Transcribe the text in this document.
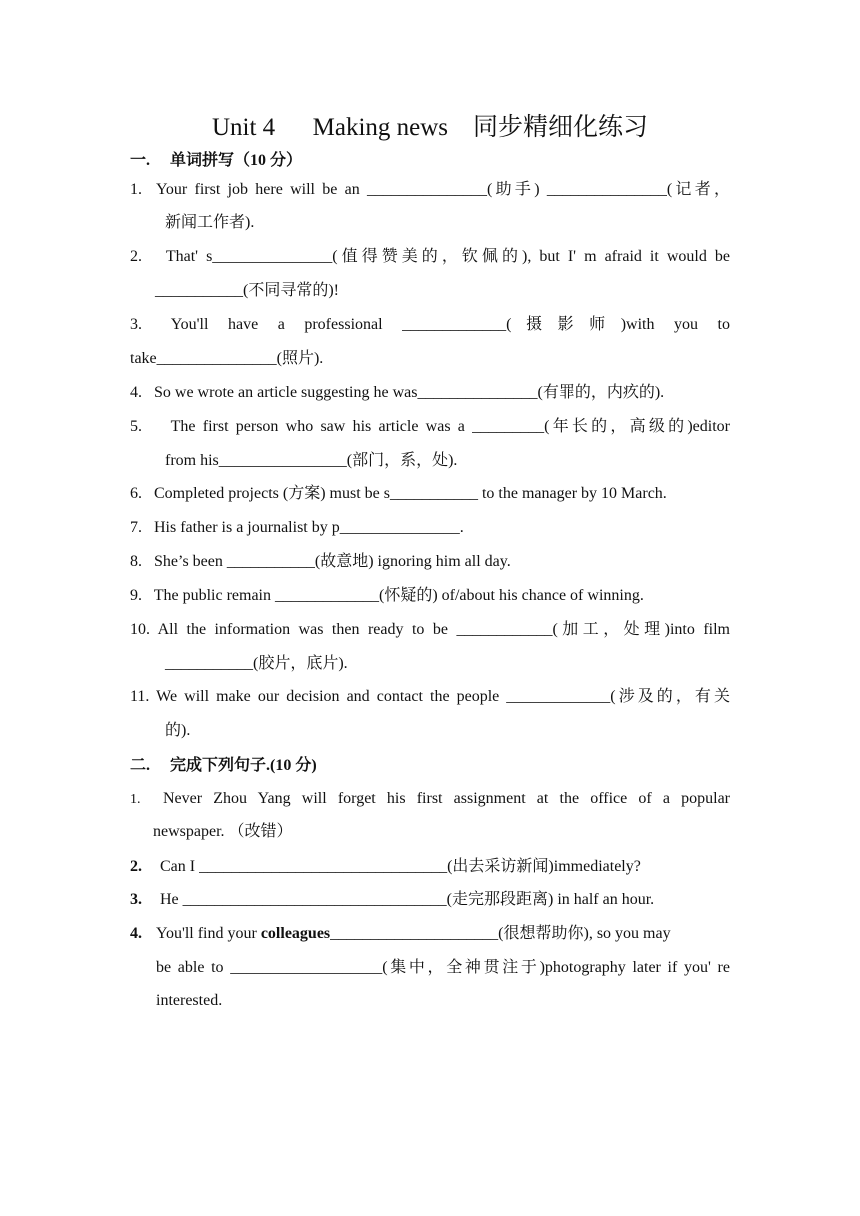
Unit 4      Making news    同步精细化练习
一.     单词拼写（10 分）
1.  Your first job here will be an _______________(助手) _______________(记者，
新闻工作者).
2.   That' s_______________(值得赞美的，钦佩的), but I' m afraid it would be
___________(不同寻常的)!
3.      You'll    have    a    professional    _____________(   摄   影   师   )with    you    to
take_______________(照片).
4.   So we wrote an article suggesting he was_______________(有罪的，内疚的).
5.    The first person who saw his article was a _________(年长的，高级的)editor
from his________________(部门，系，处).
6.   Completed projects (方案) must be s___________ to the manager by 10 March.
7.   His father is a journalist by p_______________.
8.   She’s been ___________(故意地) ignoring him all day.
9.   The public remain _____________(怀疑的) of/about his chance of winning.
10. All the information was then ready to be ____________(加工，处理)into film
___________(胶片，底片).
11. We will make our decision and contact the people _____________(涉及的，有关
的).
二.     完成下列句子.(10 分)
1. Never Zhou Yang will forget his first assignment at the office of a popular
newspaper. （改错）
2. Can I _______________________________(出去采访新闻)immediately?
3. He _________________________________(走完那段距离) in half an hour.
4. You'll find your colleagues_____________________(很想帮助你), so you may
be able to ___________________(集中，全神贯注于)photography later if you' re
interested.
